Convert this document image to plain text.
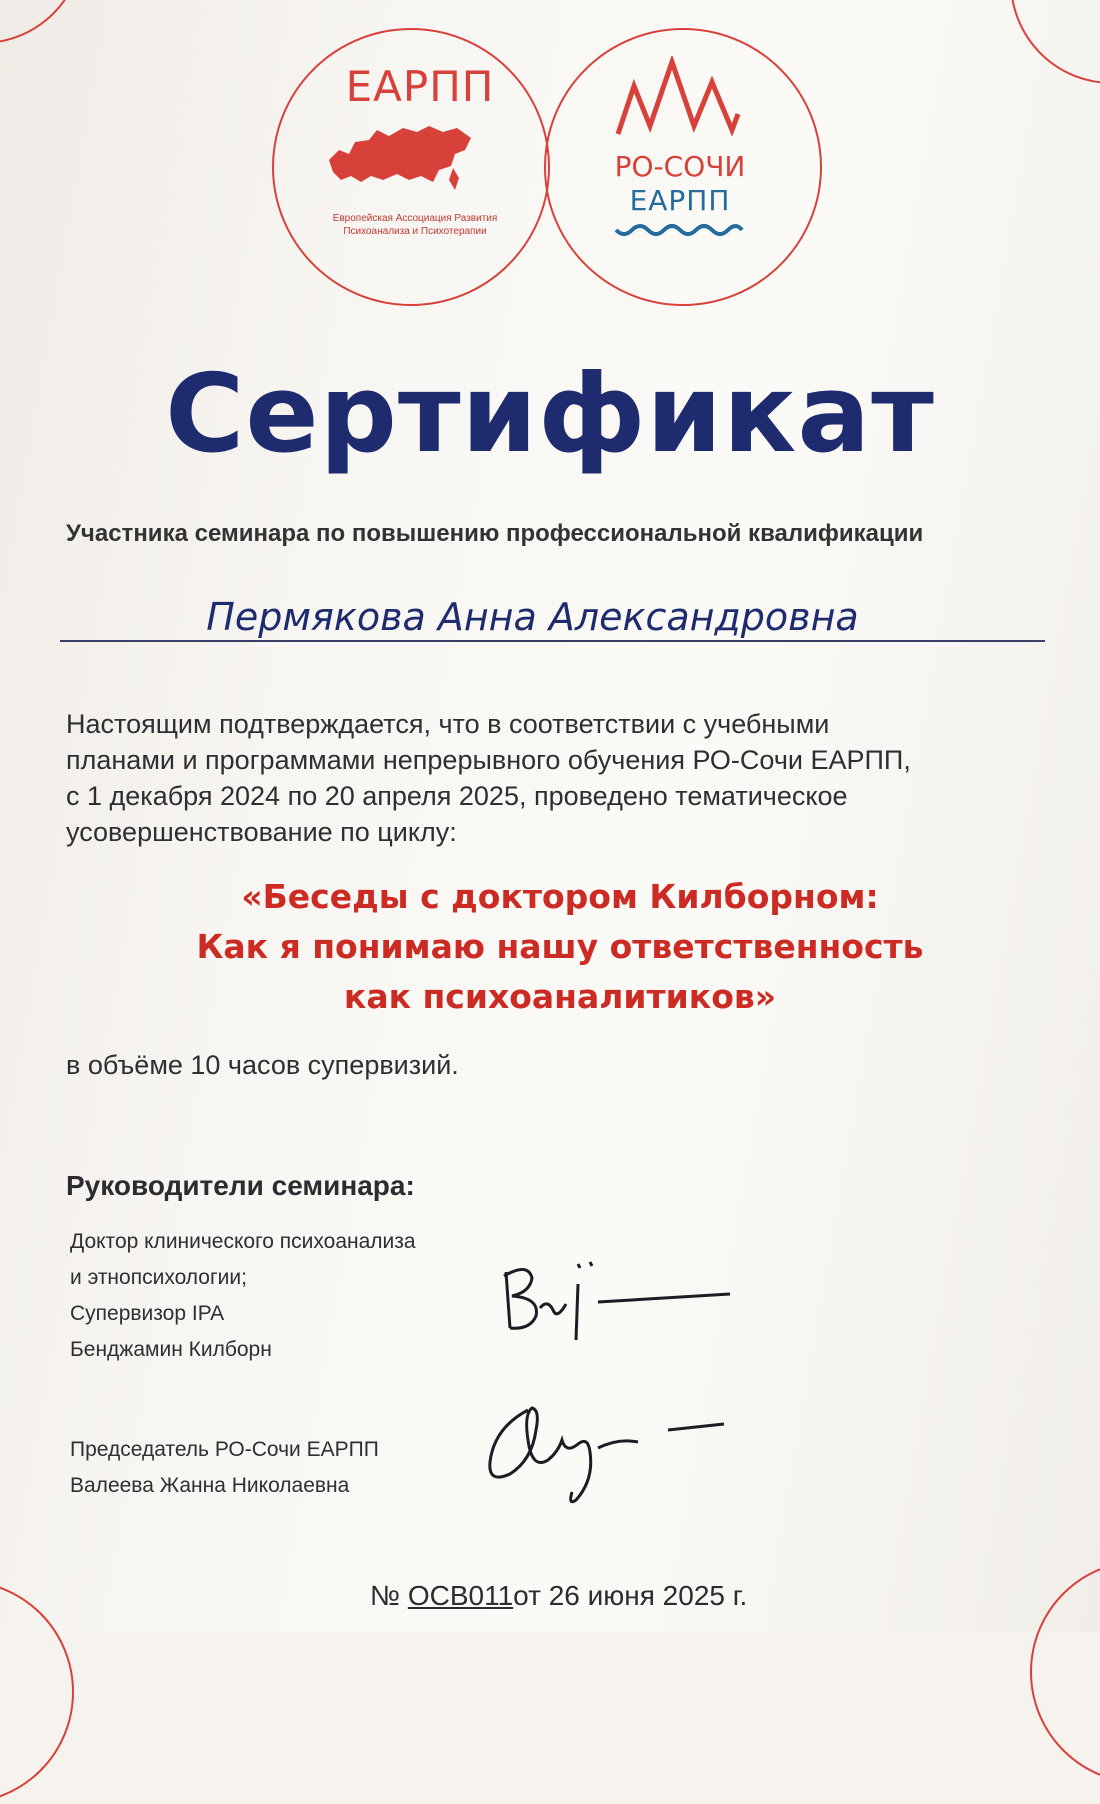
ЕАРПП
Европейская Ассоциация Развития Психоанализа и Психотерапии
РО-СОЧИ
ЕАРПП
Сертификат
Участника семинара по повышению профессиональной квалификации
Пермякова Анна Александровна
Настоящим подтверждается, что в соответствии с учебными
планами и программами непрерывного обучения РО-Сочи ЕАРПП,
с 1 декабря 2024 по 20 апреля 2025, проведено тематическое
усовершенствование по циклу:
«Беседы с доктором Килборном:
Как я понимаю нашу ответственность
как психоаналитиков»
в объёме 10 часов супервизий.
Руководители семинара:
Доктор клинического психоанализа
и этнопсихологии;
Супервизор IPA
Бенджамин Килборн
Председатель РО-Сочи ЕАРПП
Валеева Жанна Николаевна
№ ОСВ011от 26 июня 2025 г.
